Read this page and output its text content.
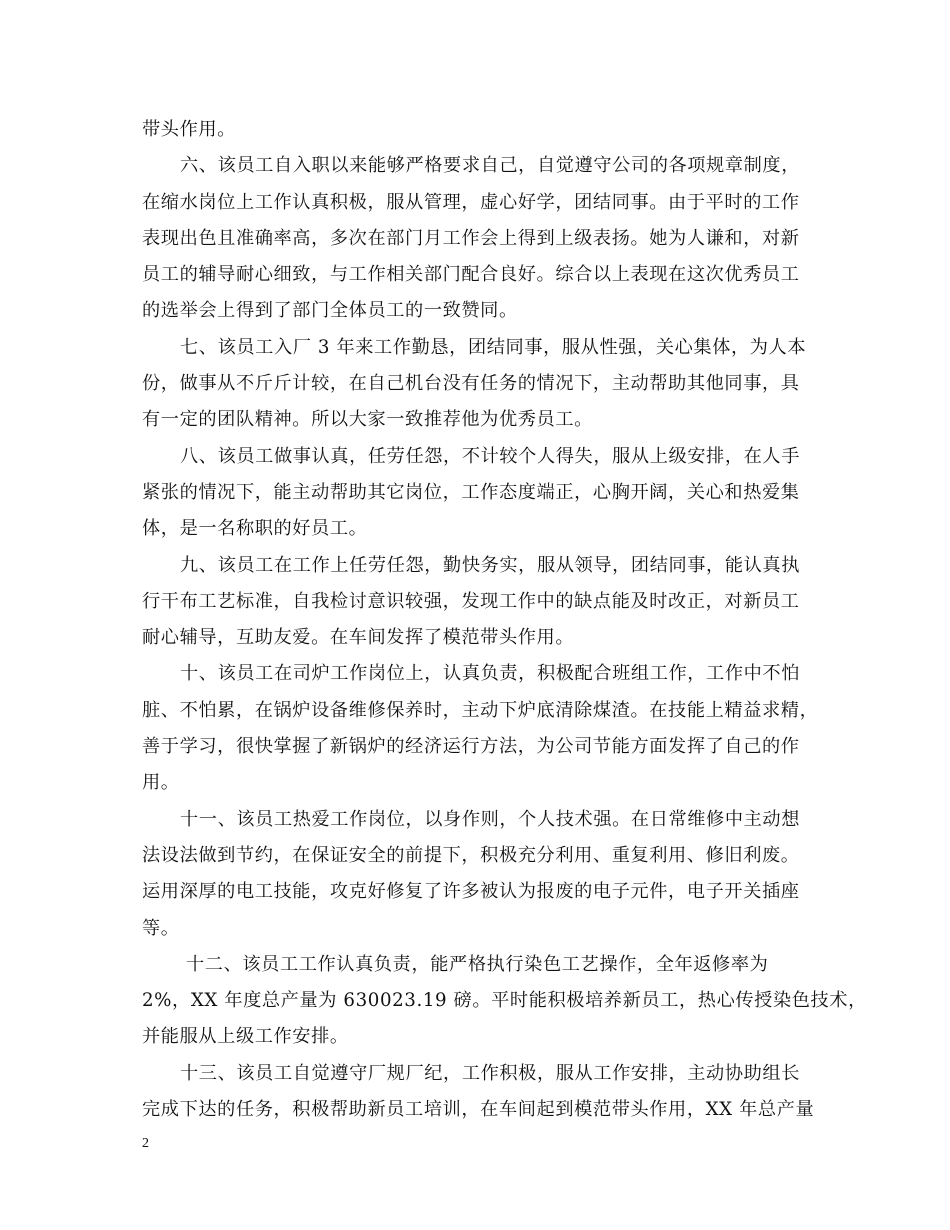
带头作用。
六、该员工自入职以来能够严格要求自己，自觉遵守公司的各项规章制度，
在缩水岗位上工作认真积极，服从管理，虚心好学，团结同事。由于平时的工作
表现出色且准确率高，多次在部门月工作会上得到上级表扬。她为人谦和，对新
员工的辅导耐心细致，与工作相关部门配合良好。综合以上表现在这次优秀员工
的选举会上得到了部门全体员工的一致赞同。
七、该员工入厂 3 年来工作勤恳，团结同事，服从性强，关心集体，为人本
份，做事从不斤斤计较，在自己机台没有任务的情况下，主动帮助其他同事，具
有一定的团队精神。所以大家一致推荐他为优秀员工。
八、该员工做事认真，任劳任怨，不计较个人得失，服从上级安排，在人手
紧张的情况下，能主动帮助其它岗位，工作态度端正，心胸开阔，关心和热爱集
体，是一名称职的好员工。
九、该员工在工作上任劳任怨，勤快务实，服从领导，团结同事，能认真执
行干布工艺标准，自我检讨意识较强，发现工作中的缺点能及时改正，对新员工
耐心辅导，互助友爱。在车间发挥了模范带头作用。
十、该员工在司炉工作岗位上，认真负责，积极配合班组工作，工作中不怕
脏、不怕累，在锅炉设备维修保养时，主动下炉底清除煤渣。在技能上精益求精，
善于学习，很快掌握了新锅炉的经济运行方法，为公司节能方面发挥了自己的作
用。
十一、该员工热爱工作岗位，以身作则，个人技术强。在日常维修中主动想
法设法做到节约，在保证安全的前提下，积极充分利用、重复利用、修旧利废。
运用深厚的电工技能，攻克好修复了许多被认为报废的电子元件，电子开关插座
等。
十二、该员工工作认真负责，能严格执行染色工艺操作，全年返修率为
2%，XX 年度总产量为 630023.19 磅。平时能积极培养新员工，热心传授染色技术，
并能服从上级工作安排。
十三、该员工自觉遵守厂规厂纪，工作积极，服从工作安排，主动协助组长
完成下达的任务，积极帮助新员工培训，在车间起到模范带头作用，XX 年总产量
2
